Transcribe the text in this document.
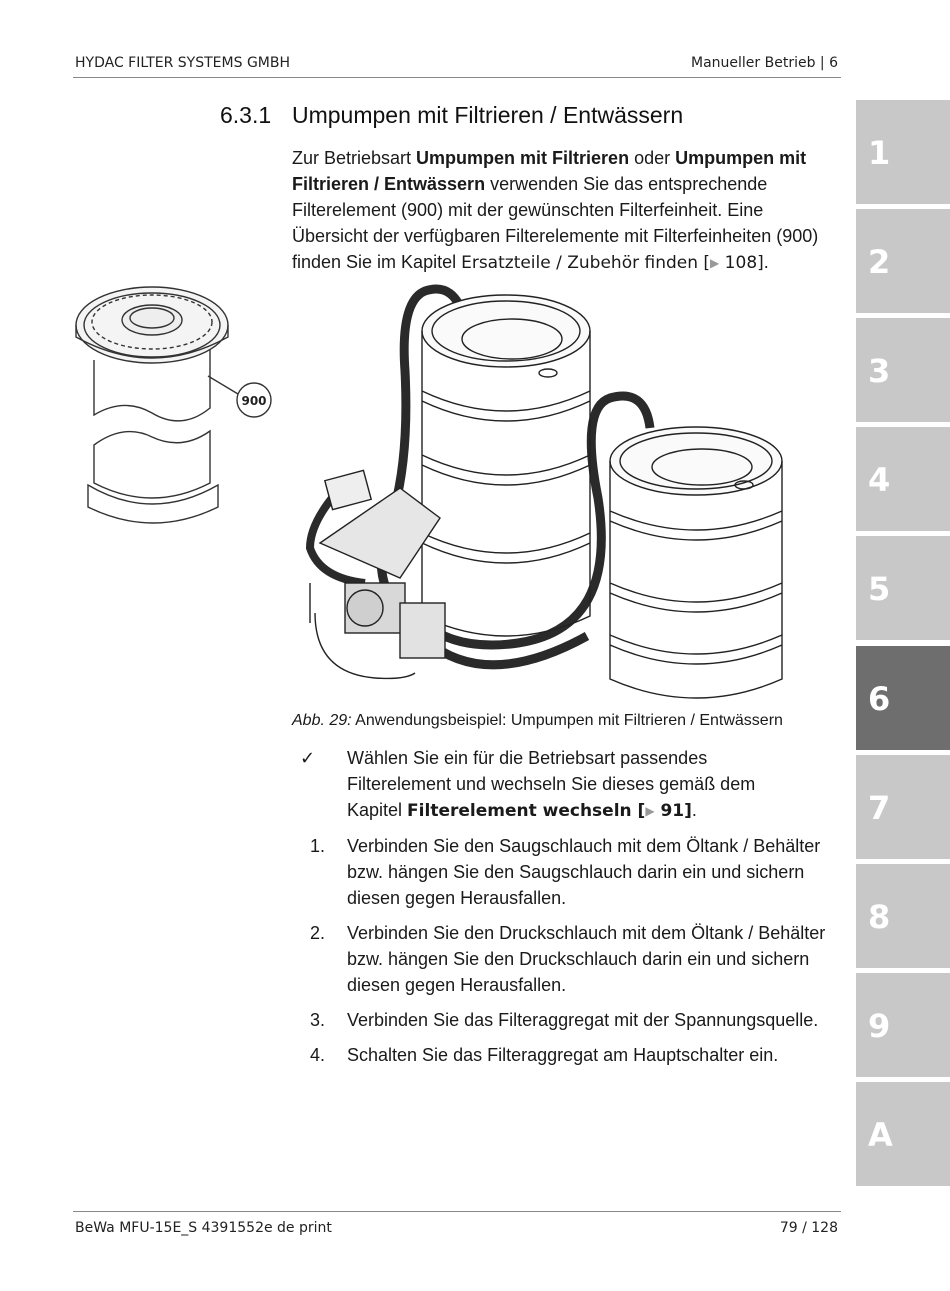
HYDAC FILTER SYSTEMS GMBH	Manueller Betrieb | 6
6.3.1 Umpumpen mit Filtrieren / Entwässern

Zur Betriebsart Umpumpen mit Filtrieren oder Umpumpen mit Filtrieren / Entwässern verwenden Sie das entsprechende Filterelement (900) mit der gewünschten Filterfeinheit. Eine Übersicht der verfügbaren Filterelemente mit Filterfeinheiten (900) finden Sie im Kapitel Ersatzteile / Zubehör finden [▶ 108].

900
Abb. 29: Anwendungsbeispiel: Umpumpen mit Filtrieren / Entwässern
✓	Wählen Sie ein für die Betriebsart passendes Filterelement und wechseln Sie dieses gemäß dem Kapitel Filterelement wechseln [▶ 91].
1. Verbinden Sie den Saugschlauch mit dem Öltank / Behälter bzw. hängen Sie den Saugschlauch darin ein und sichern diesen gegen Herausfallen.
2. Verbinden Sie den Druckschlauch mit dem Öltank / Behälter bzw. hängen Sie den Druckschlauch darin ein und sichern diesen gegen Herausfallen.
3. Verbinden Sie das Filteraggregat mit der Spannungsquelle.
4. Schalten Sie das Filteraggregat am Hauptschalter ein.
1
2
3
4
5
6
7
8
9
A
BeWa MFU-15E_S 4391552e de print	79 / 128
